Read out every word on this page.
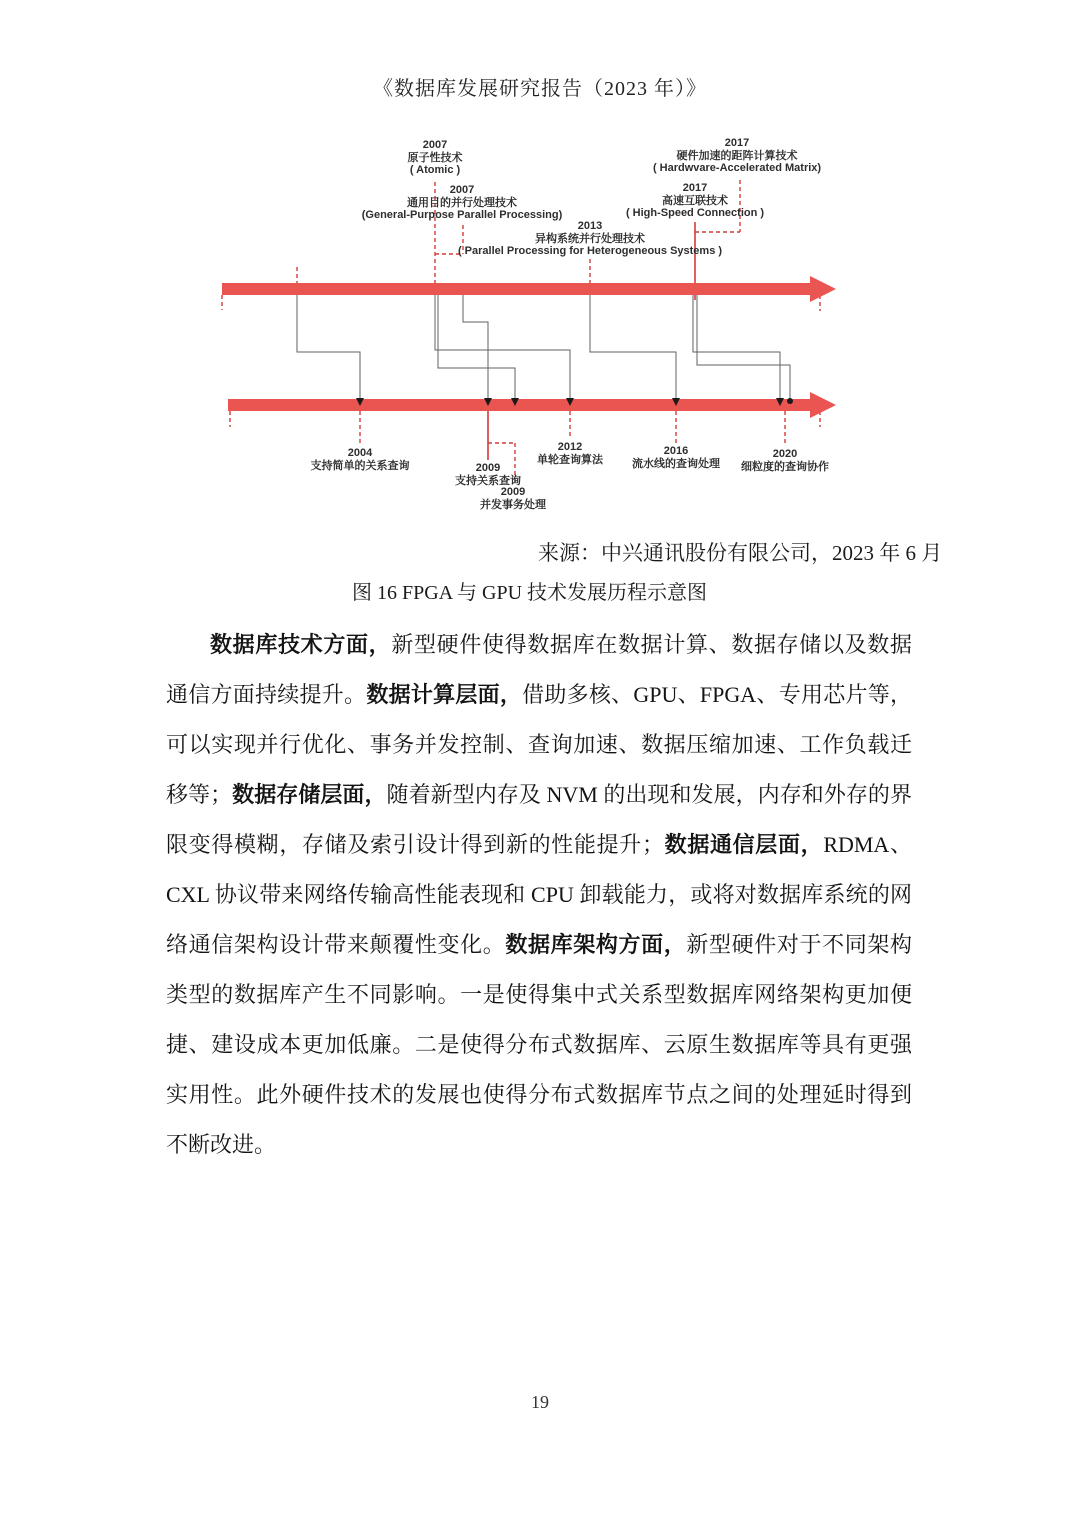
《数据库发展研究报告（2023 年）》
2007
原子性技术
( Atomic )
2007
通用目的并行处理技术
(General-Purpose Parallel Processing)
2013
异构系统并行处理技术
( Parallel Processing for Heterogeneous Systems )
2017
硬件加速的距阵计算技术
( Hardwvare-Accelerated Matrix)
2017
高速互联技术
( High-Speed Connection )
2004
支持简单的关系查询	2009
支持关系查询
2009
并发事务处理
2012
单轮查询算法
2016
流水线的查询处理
2020
细粒度的查询协作
来源：中兴通讯股份有限公司，2023 年 6 月
图 16 FPGA 与 GPU 技术发展历程示意图
数据库技术方面，新型硬件使得数据库在数据计算、数据存储以及数据通信方面持续提升。数据计算层面，借助多核、GPU、FPGA、专用芯片等，可以实现并行优化、事务并发控制、查询加速、数据压缩加速、工作负载迁移等；数据存储层面，随着新型内存及 NVM 的出现和发展，内存和外存的界限变得模糊，存储及索引设计得到新的性能提升；数据通信层面，RDMA、CXL 协议带来网络传输高性能表现和 CPU 卸载能力，或将对数据库系统的网络通信架构设计带来颠覆性变化。数据库架构方面，新型硬件对于不同架构类型的数据库产生不同影响。一是使得集中式关系型数据库网络架构更加便捷、建设成本更加低廉。二是使得分布式数据库、云原生数据库等具有更强实用性。此外硬件技术的发展也使得分布式数据库节点之间的处理延时得到不断改进。
19
